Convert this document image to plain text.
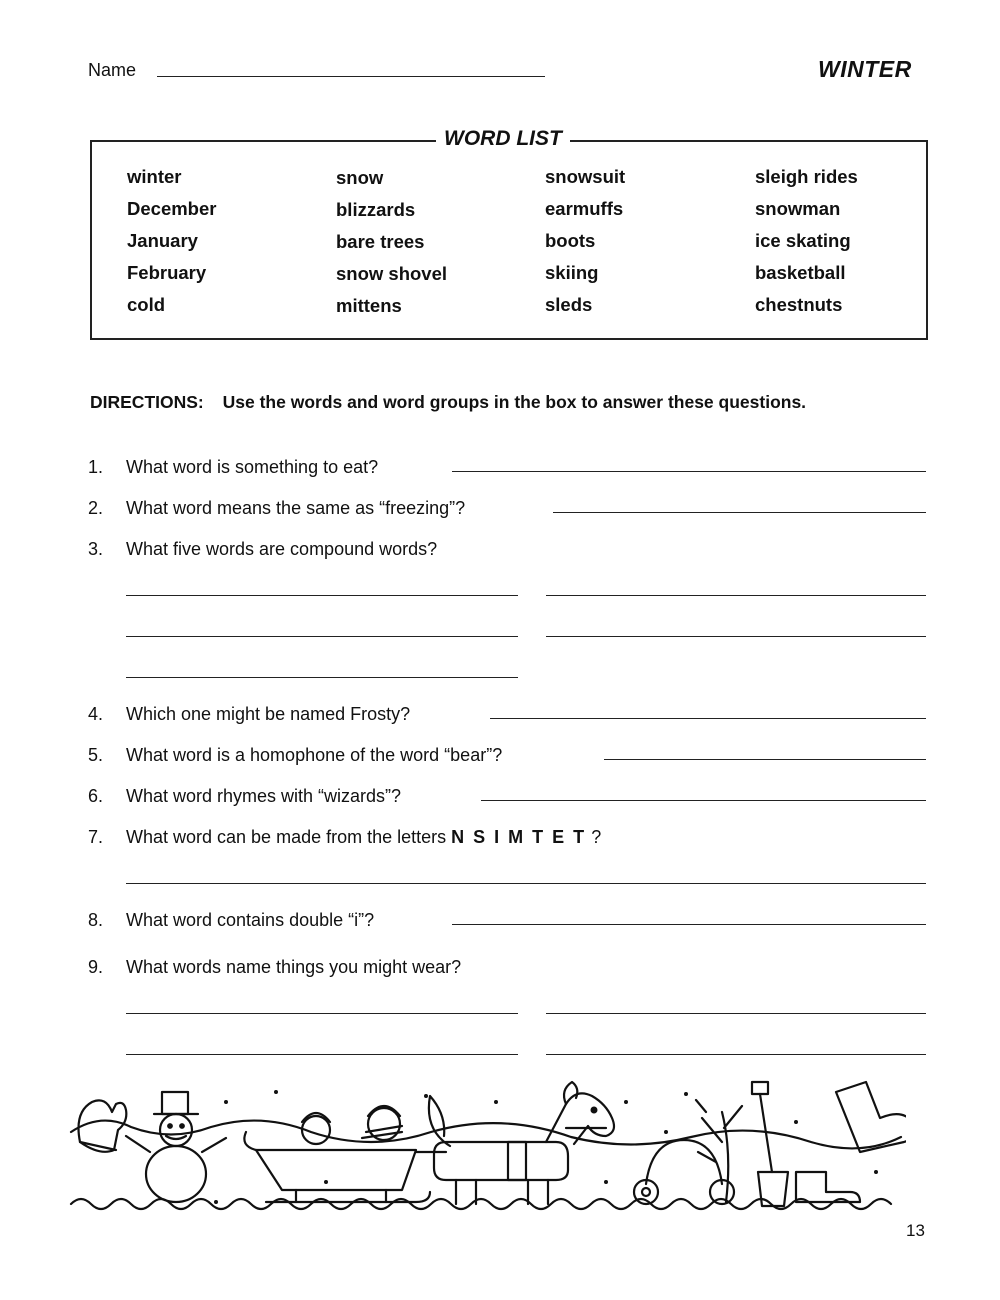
Name	WINTER
WORD LIST
winter
December
January
February
cold
snow
blizzards
bare trees
snow shovel
mittens
snowsuit
earmuffs
boots
skiing
sleds
sleigh rides
snowman
ice skating
basketball
chestnuts
DIRECTIONS: Use the words and word groups in the box to answer these questions.
1. What word is something to eat?
2. What word means the same as “freezing”?
3. What five words are compound words?
4. Which one might be named Frosty?
5. What word is a homophone of the word “bear”?
6. What word rhymes with “wizards”?
7. What word can be made from the letters N S I M T E T ?
8. What word contains double “i”?
9. What words name things you might wear?
13
